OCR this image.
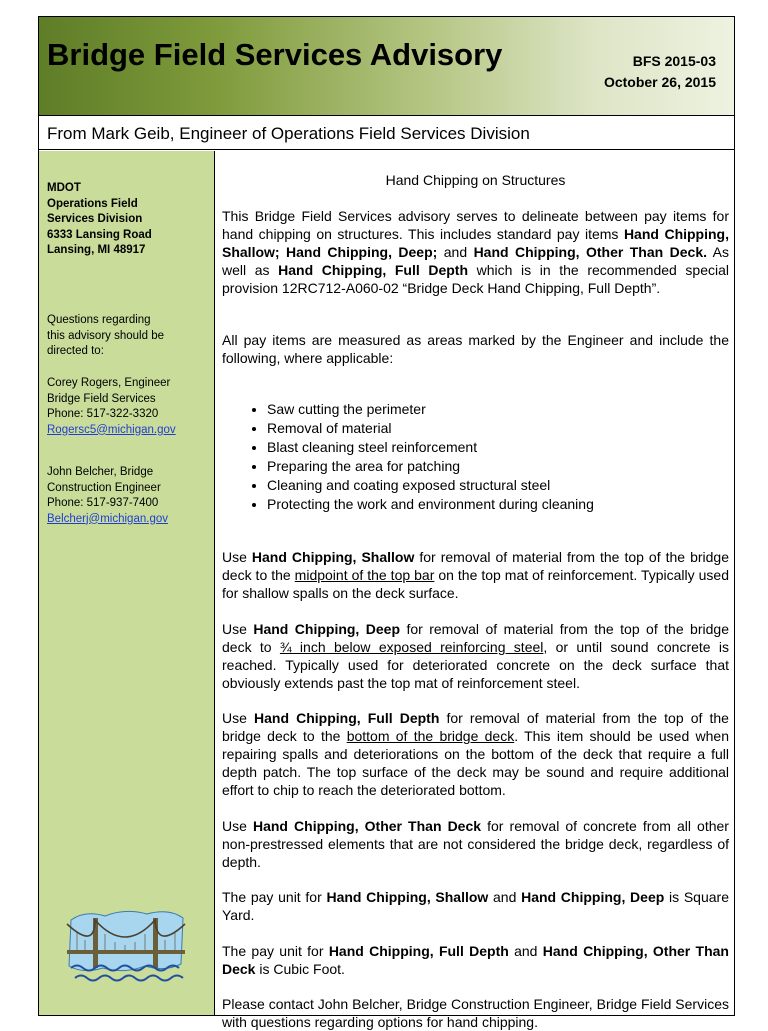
Bridge Field Services Advisory	BFS 2015-03
October 26, 2015
From Mark Geib, Engineer of Operations Field Services Division
MDOT
Operations Field
Services Division
6333 Lansing Road
Lansing, MI 48917
Questions regarding
this advisory should be
directed to:
Corey Rogers, Engineer
Bridge Field Services
Phone: 517-322-3320
Rogersc5@michigan.gov
John Belcher, Bridge
Construction Engineer
Phone: 517-937-7400
Belcherj@michigan.gov
Hand Chipping on Structures

This Bridge Field Services advisory serves to delineate between pay items for hand chipping on structures. This includes standard pay items Hand Chipping, Shallow; Hand Chipping, Deep; and Hand Chipping, Other Than Deck. As well as Hand Chipping, Full Depth which is in the recommended special provision 12RC712-A060-02 “Bridge Deck Hand Chipping, Full Depth”.

All pay items are measured as areas marked by the Engineer and include the following, where applicable:

• Saw cutting the perimeter
• Removal of material
• Blast cleaning steel reinforcement
• Preparing the area for patching
• Cleaning and coating exposed structural steel
• Protecting the work and environment during cleaning

Use Hand Chipping, Shallow for removal of material from the top of the bridge deck to the midpoint of the top bar on the top mat of reinforcement. Typically used for shallow spalls on the deck surface.

Use Hand Chipping, Deep for removal of material from the top of the bridge deck to ¾ inch below exposed reinforcing steel, or until sound concrete is reached. Typically used for deteriorated concrete on the deck surface that obviously extends past the top mat of reinforcement steel.

Use Hand Chipping, Full Depth for removal of material from the top of the bridge deck to the bottom of the bridge deck. This item should be used when repairing spalls and deteriorations on the bottom of the deck that require a full depth patch. The top surface of the deck may be sound and require additional effort to chip to reach the deteriorated bottom.

Use Hand Chipping, Other Than Deck for removal of concrete from all other non-prestressed elements that are not considered the bridge deck, regardless of depth.

The pay unit for Hand Chipping, Shallow and Hand Chipping, Deep is Square Yard.

The pay unit for Hand Chipping, Full Depth and Hand Chipping, Other Than Deck is Cubic Foot.

Please contact John Belcher, Bridge Construction Engineer, Bridge Field Services with questions regarding options for hand chipping.
